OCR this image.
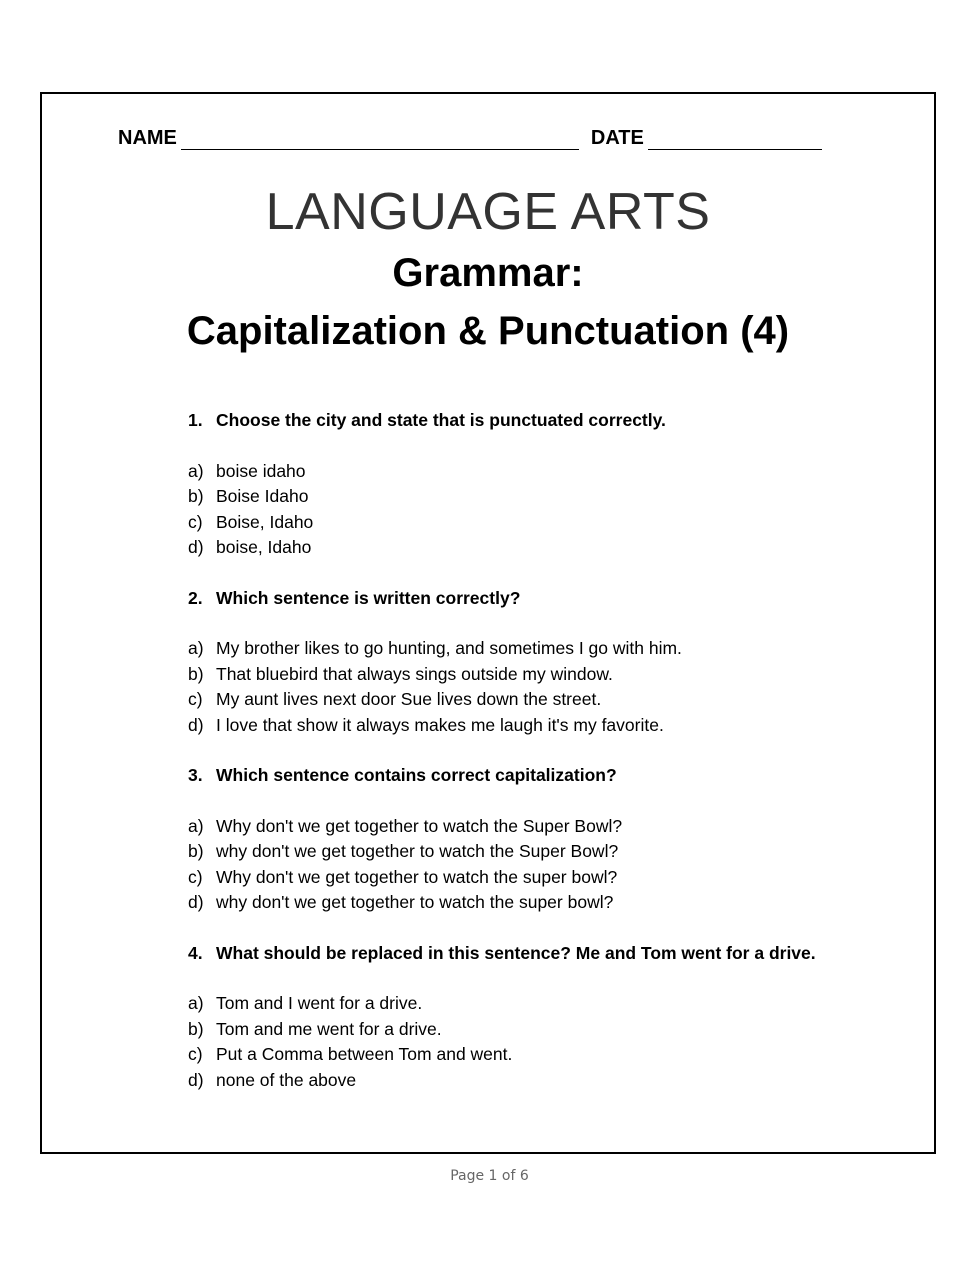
NAME	DATE
LANGUAGE ARTS
Grammar:
Capitalization & Punctuation (4)
1. Choose the city and state that is punctuated correctly.
a) boise idaho
b) Boise Idaho
c) Boise, Idaho
d) boise, Idaho
2. Which sentence is written correctly?
a) My brother likes to go hunting, and sometimes I go with him.
b) That bluebird that always sings outside my window.
c) My aunt lives next door Sue lives down the street.
d) I love that show it always makes me laugh it's my favorite.
3. Which sentence contains correct capitalization?
a) Why don't we get together to watch the Super Bowl?
b) why don't we get together to watch the Super Bowl?
c) Why don't we get together to watch the super bowl?
d) why don't we get together to watch the super bowl?
4. What should be replaced in this sentence? Me and Tom went for a drive.
a) Tom and I went for a drive.
b) Tom and me went for a drive.
c) Put a Comma between Tom and went.
d) none of the above
Page 1 of 6
